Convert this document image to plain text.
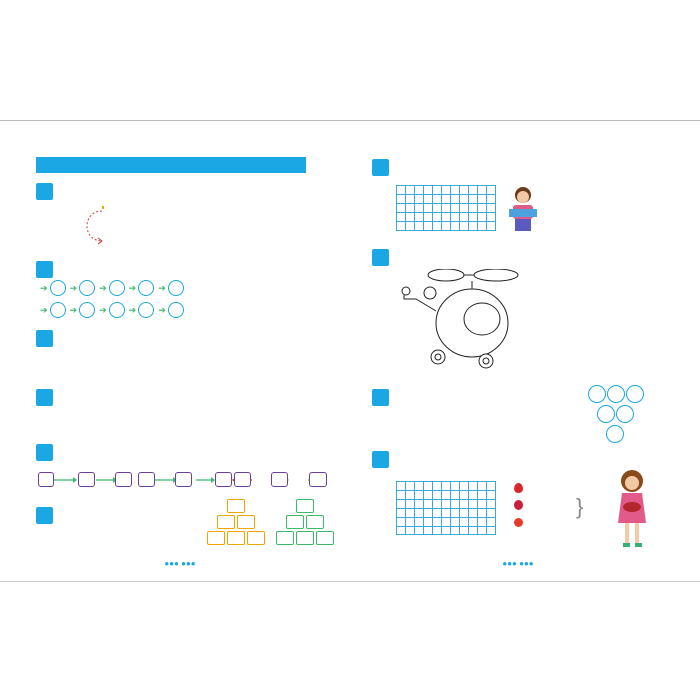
➔ ➔ ➔ ➔ ➔
➔ ➔ ➔ ➔ ➔
●●● ●●●
}
●●● ●●●
